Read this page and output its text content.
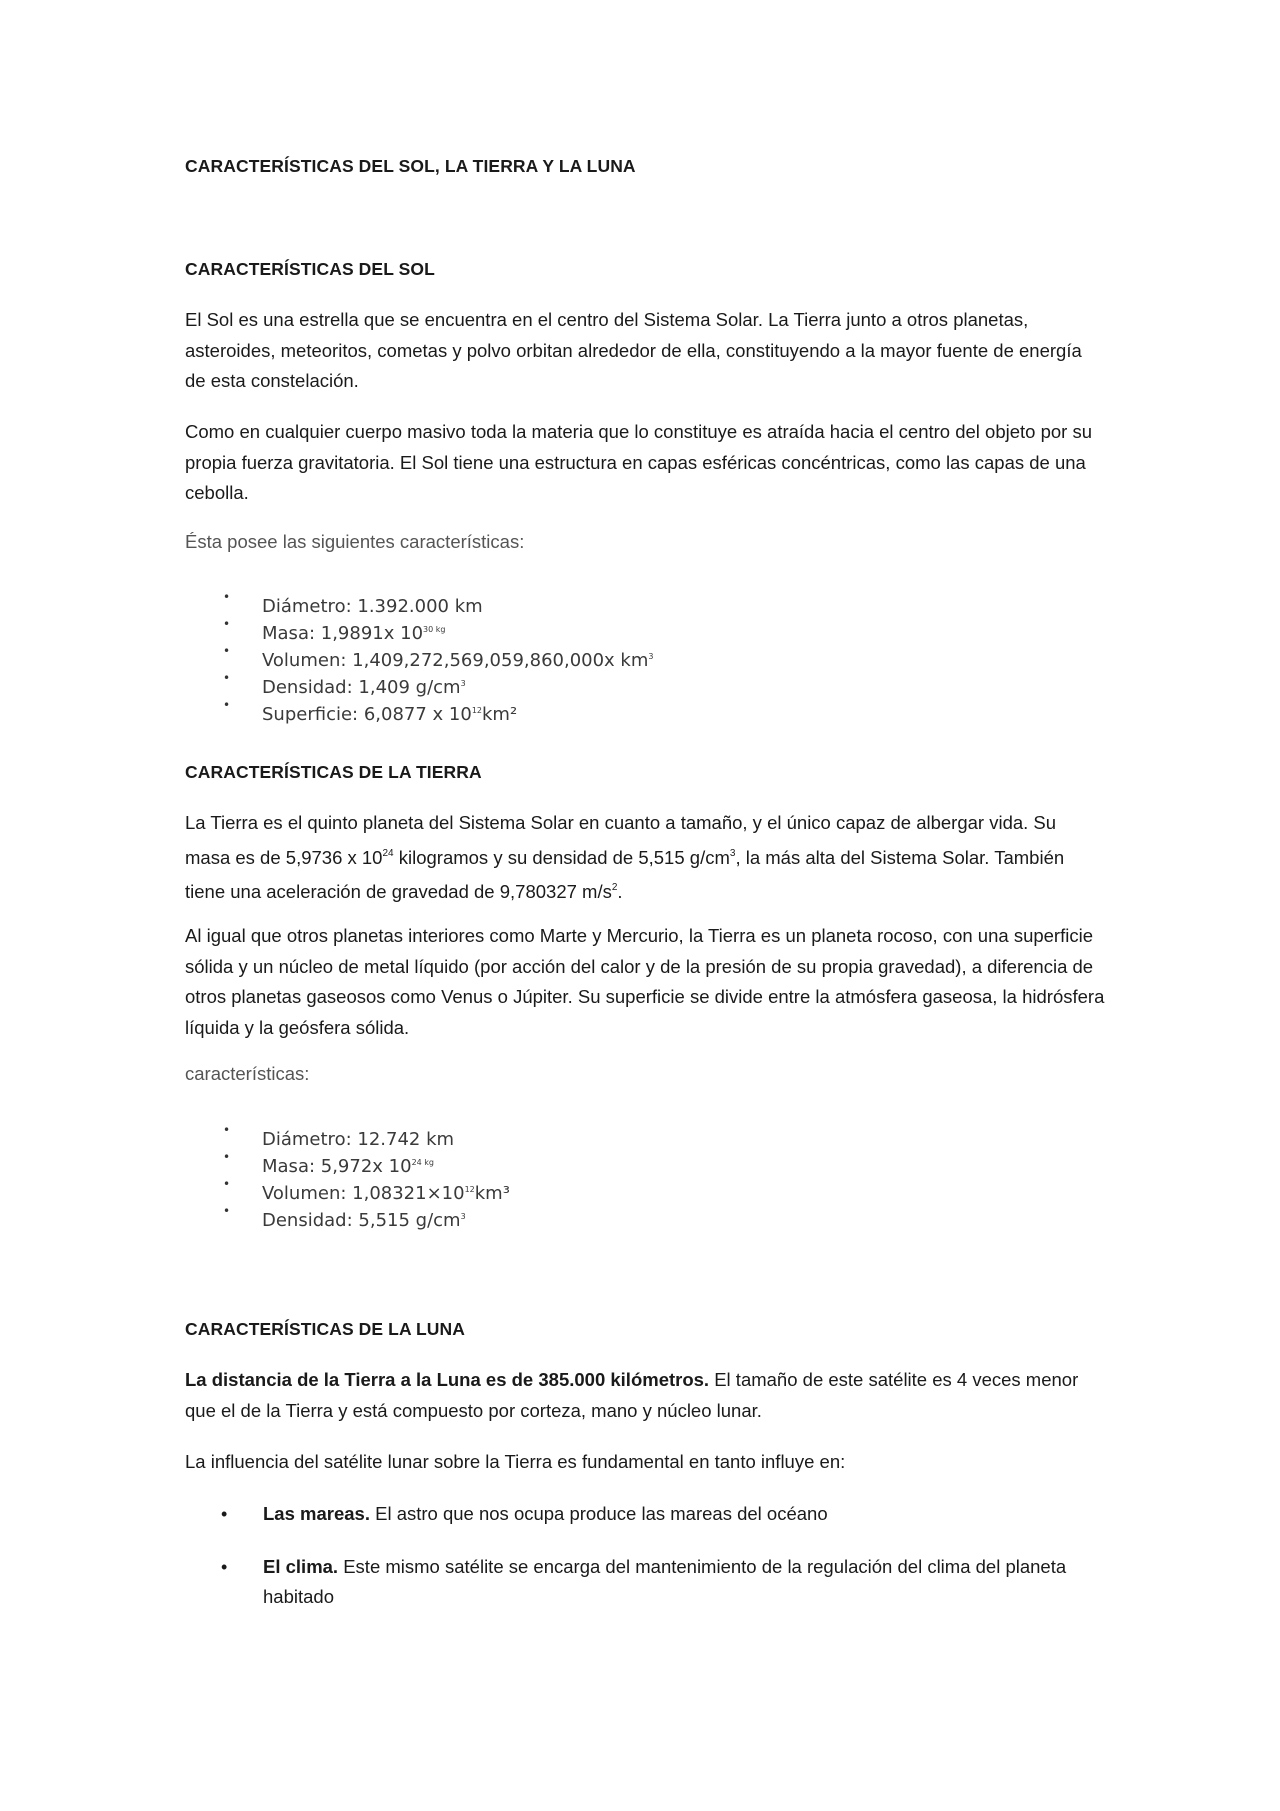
CARACTERÍSTICAS DEL SOL, LA TIERRA Y LA LUNA
CARACTERÍSTICAS DEL SOL
El Sol es una estrella que se encuentra en el centro del Sistema Solar. La Tierra junto a otros planetas, asteroides, meteoritos, cometas y polvo orbitan alrededor de ella, constituyendo a la mayor fuente de energía de esta constelación.
Como en cualquier cuerpo masivo toda la materia que lo constituye es atraída hacia el centro del objeto por su propia fuerza gravitatoria. El Sol tiene una estructura en capas esféricas concéntricas, como las capas de una cebolla.
Ésta posee las siguientes características:
• Diámetro: 1.392.000 km
• Masa: 1,9891x $10^{30 kg}$
• Volumen: 1,409,272,569,059,860,000x $km^3$
• Densidad: 1,409 $g/cm^3$
• Superficie: 6,0877 x $10^{12}km^2$
CARACTERÍSTICAS DE LA TIERRA
La Tierra es el quinto planeta del Sistema Solar en cuanto a tamaño, y el único capaz de albergar vida. Su masa es de 5,9736 x $10^{24}$ kilogramos y su densidad de 5,515 $g/cm^3$, la más alta del Sistema Solar. También tiene una aceleración de gravedad de 9,780327 $m/s^2$.
Al igual que otros planetas interiores como Marte y Mercurio, la Tierra es un planeta rocoso, con una superficie sólida y un núcleo de metal líquido (por acción del calor y de la presión de su propia gravedad), a diferencia de otros planetas gaseosos como Venus o Júpiter. Su superficie se divide entre la atmósfera gaseosa, la hidrósfera líquida y la geósfera sólida.
características:
• Diámetro: 12.742 km
• Masa: 5,972x $10^{24 kg}$
• Volumen: $1,08321\times 10^{12}km^3$
• Densidad: 5,515 $g/cm^3$
CARACTERÍSTICAS DE LA LUNA
La distancia de la Tierra a la Luna es de 385.000 kilómetros. El tamaño de este satélite es 4 veces menor que el de la Tierra y está compuesto por corteza, mano y núcleo lunar.
La influencia del satélite lunar sobre la Tierra es fundamental en tanto influye en:
• Las mareas. El astro que nos ocupa produce las mareas del océano
• El clima. Este mismo satélite se encarga del mantenimiento de la regulación del clima del planeta habitado
